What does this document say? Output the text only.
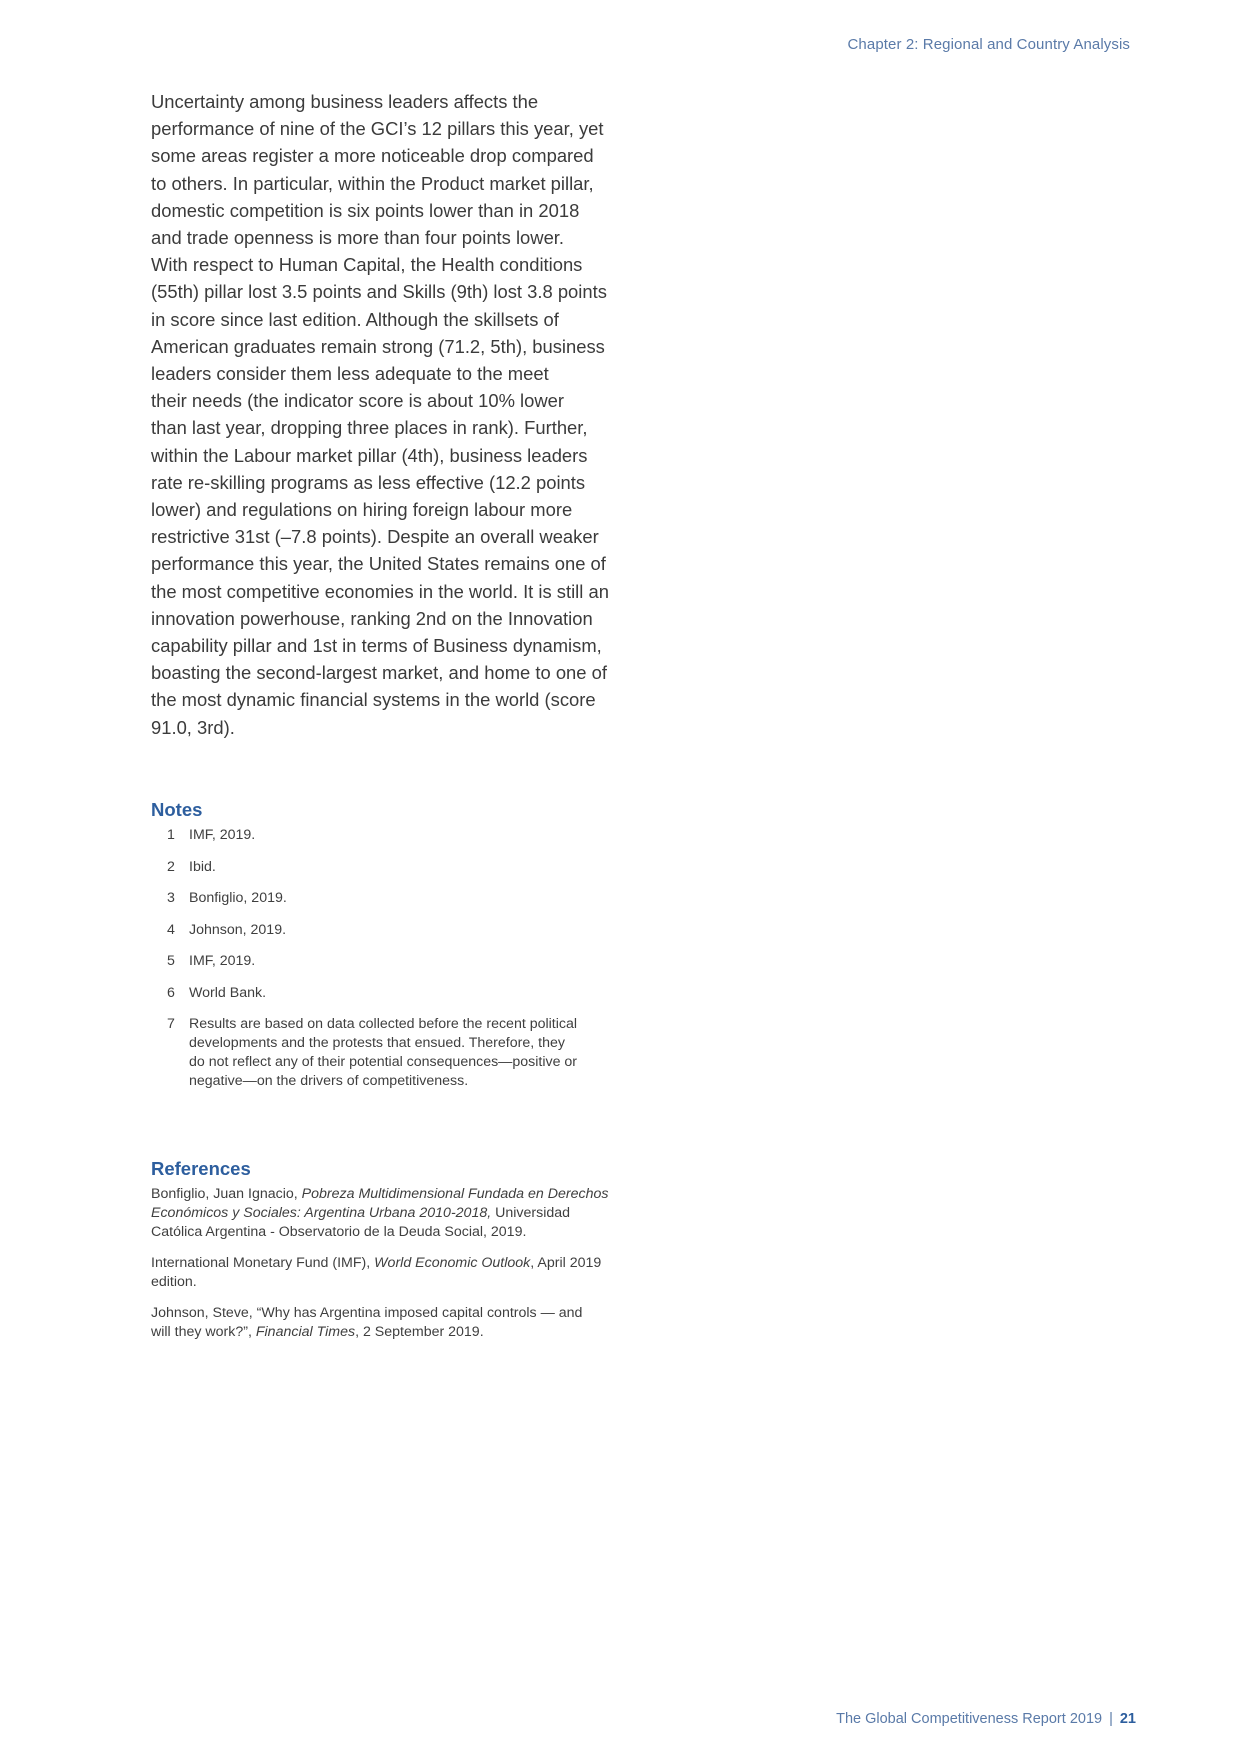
Chapter 2: Regional and Country Analysis

Uncertainty among business leaders affects the
performance of nine of the GCI’s 12 pillars this year, yet
some areas register a more noticeable drop compared
to others. In particular, within the Product market pillar,
domestic competition is six points lower than in 2018
and trade openness is more than four points lower.
With respect to Human Capital, the Health conditions
(55th) pillar lost 3.5 points and Skills (9th) lost 3.8 points
in score since last edition. Although the skillsets of
American graduates remain strong (71.2, 5th), business
leaders consider them less adequate to the meet
their needs (the indicator score is about 10% lower
than last year, dropping three places in rank). Further,
within the Labour market pillar (4th), business leaders
rate re-skilling programs as less effective (12.2 points
lower) and regulations on hiring foreign labour more
restrictive 31st (–7.8 points). Despite an overall weaker
performance this year, the United States remains one of
the most competitive economies in the world. It is still an
innovation powerhouse, ranking 2nd on the Innovation
capability pillar and 1st in terms of Business dynamism,
boasting the second-largest market, and home to one of
the most dynamic financial systems in the world (score
91.0, 3rd).

Notes
1 IMF, 2019.
2 Ibid.
3 Bonfiglio, 2019.
4 Johnson, 2019.
5 IMF, 2019.
6 World Bank.
7 Results are based on data collected before the recent political
developments and the protests that ensued. Therefore, they
do not reflect any of their potential consequences—positive or
negative—on the drivers of competitiveness.
References
Bonfiglio, Juan Ignacio, Pobreza Multidimensional Fundada en Derechos
Económicos y Sociales: Argentina Urbana 2010-2018, Universidad
Católica Argentina - Observatorio de la Deuda Social, 2019.
International Monetary Fund (IMF), World Economic Outlook, April 2019
edition.
Johnson, Steve, “Why has Argentina imposed capital controls — and
will they work?”, Financial Times, 2 September 2019.
The Global Competitiveness Report 2019 | 21
